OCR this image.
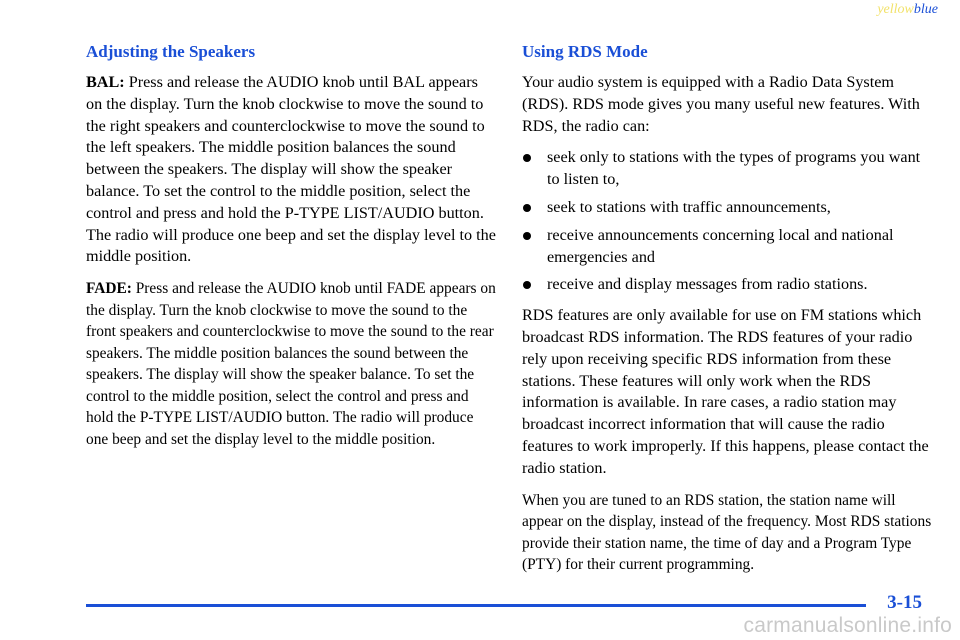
yellowblue
Adjusting the Speakers

BAL: Press and release the AUDIO knob until BAL appears on the display. Turn the knob clockwise to move the sound to the right speakers and counterclockwise to move the sound to the left speakers. The middle position balances the sound between the speakers. The display will show the speaker balance. To set the control to the middle position, select the control and press and hold the P-TYPE LIST/AUDIO button. The radio will produce one beep and set the display level to the middle position.

FADE: Press and release the AUDIO knob until FADE appears on the display. Turn the knob clockwise to move the sound to the front speakers and counterclockwise to move the sound to the rear speakers. The middle position balances the sound between the speakers. The display will show the speaker balance. To set the control to the middle position, select the control and press and hold the P-TYPE LIST/AUDIO button. The radio will produce one beep and set the display level to the middle position.

Using RDS Mode

Your audio system is equipped with a Radio Data System (RDS). RDS mode gives you many useful new features. With RDS, the radio can:

seek only to stations with the types of programs you want to listen to,
seek to stations with traffic announcements,
receive announcements concerning local and national emergencies and
receive and display messages from radio stations.

RDS features are only available for use on FM stations which broadcast RDS information. The RDS features of your radio rely upon receiving specific RDS information from these stations. These features will only work when the RDS information is available. In rare cases, a radio station may broadcast incorrect information that will cause the radio features to work improperly. If this happens, please contact the radio station.

When you are tuned to an RDS station, the station name will appear on the display, instead of the frequency. Most RDS stations provide their station name, the time of day and a Program Type (PTY) for their current programming.

3-15
carmanualsonline.info
